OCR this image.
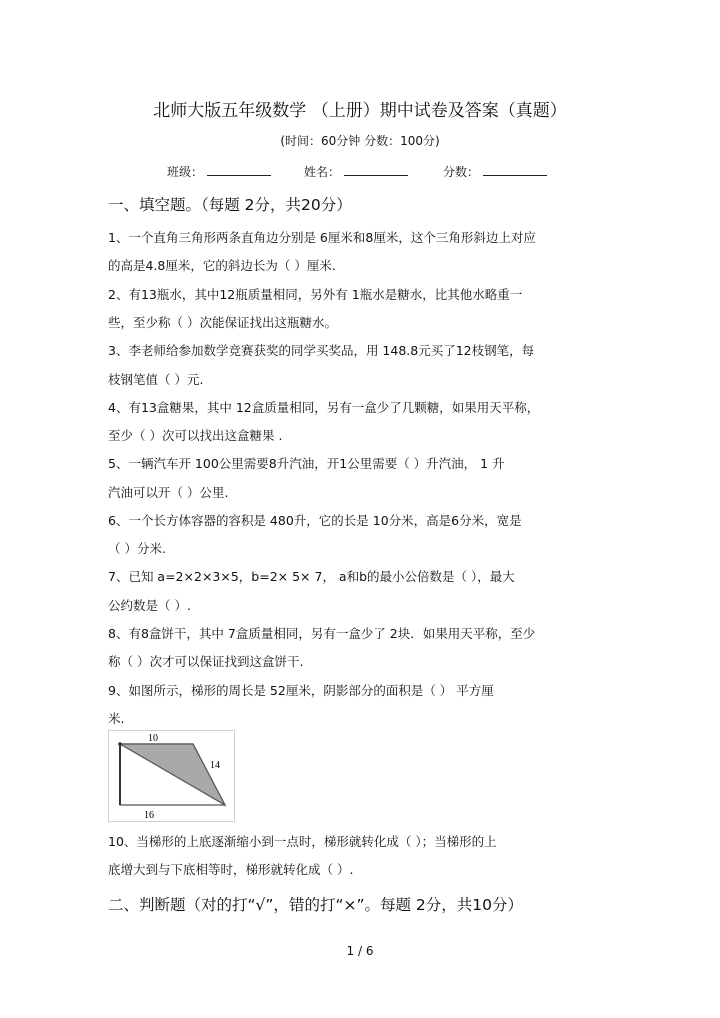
北师大版五年级数学 （上册）期中试卷及答案（真题）
(时间：60分钟 分数：100分)
班级：	姓名：	分数：
一、填空题。（每题 2分，共20分）
1、一个直角三角形两条直角边分别是 6厘米和8厘米，这个三角形斜边上对应
的高是4.8厘米，它的斜边长为（ ）厘米.
2、有13瓶水，其中12瓶质量相同，另外有 1瓶水是糖水，比其他水略重一
些，至少称（ ）次能保证找出这瓶糖水。
3、李老师给参加数学竞赛获奖的同学买奖品，用 148.8元买了12枝钢笔，每
枝钢笔值（ ）元.
4、有13盒糖果，其中 12盒质量相同，另有一盒少了几颗糖，如果用天平称，
至少（ ）次可以找出这盒糖果 .
5、一辆汽车开 100公里需要8升汽油，开1公里需要（ ）升汽油， 1 升
汽油可以开（ ）公里.
6、一个长方体容器的容积是 480升，它的长是 10分米，高是6分米，宽是
（ ）分米.
7、已知 a=2×2×3×5，b=2× 5× 7， a和b的最小公倍数是（ ），最大
公约数是（ ）.
8、有8盒饼干，其中 7盒质量相同，另有一盒少了 2块．如果用天平称，至少
称（ ）次才可以保证找到这盒饼干.
9、如图所示，梯形的周长是 52厘米，阴影部分的面积是（ ） 平方厘
米.
10
14
16
10、当梯形的上底逐渐缩小到一点时，梯形就转化成（ ）；当梯形的上
底增大到与下底相等时，梯形就转化成（ ）.
二、判断题（对的打“√”，错的打“×”。每题 2分，共10分）
1 / 6
